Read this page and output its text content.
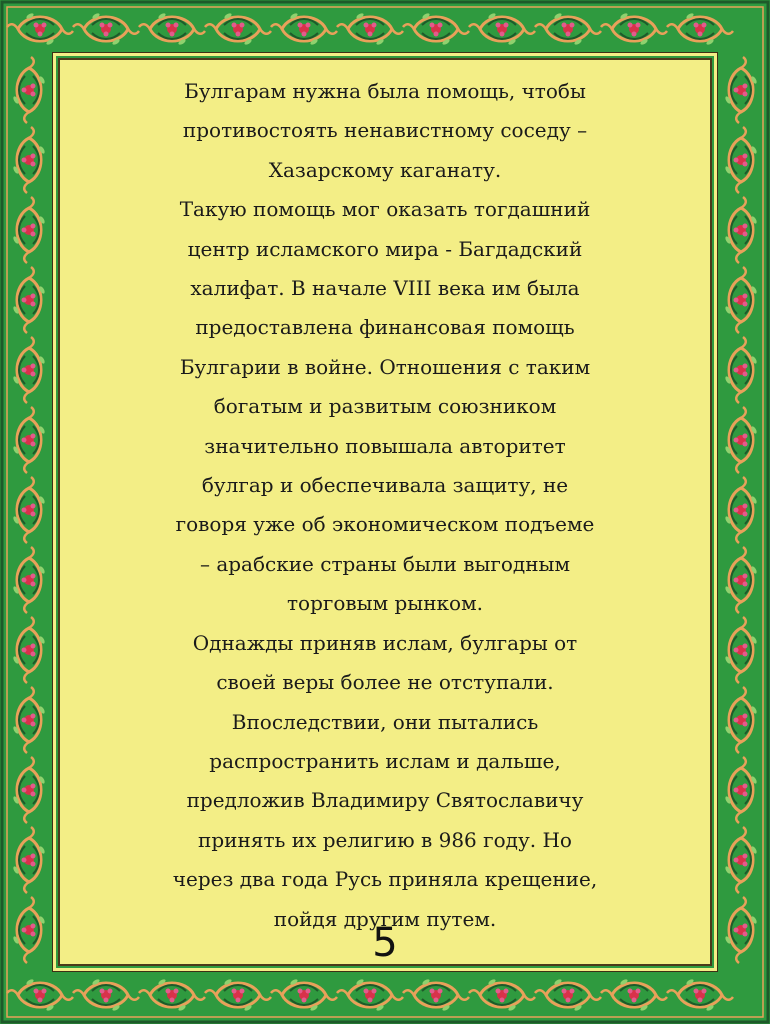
Булгарам нужна была помощь, чтобы
противостоять ненавистному соседу –
Хазарскому каганату.
Такую помощь мог оказать тогдашний
центр исламского мира - Багдадский
халифат. В начале VIII века им была
предоставлена финансовая помощь
Булгарии в войне. Отношения с таким
богатым и развитым союзником
значительно повышала авторитет
булгар и обеспечивала защиту, не
говоря уже об экономическом подъеме
– арабские страны были выгодным
торговым рынком.
Однажды приняв ислам, булгары от
своей веры более не отступали.
Впоследствии, они пытались
распространить ислам и дальше,
предложив Владимиру Святославичу
принять их религию в 986 году. Но
через два года Русь приняла крещение,
пойдя другим путем.
5
